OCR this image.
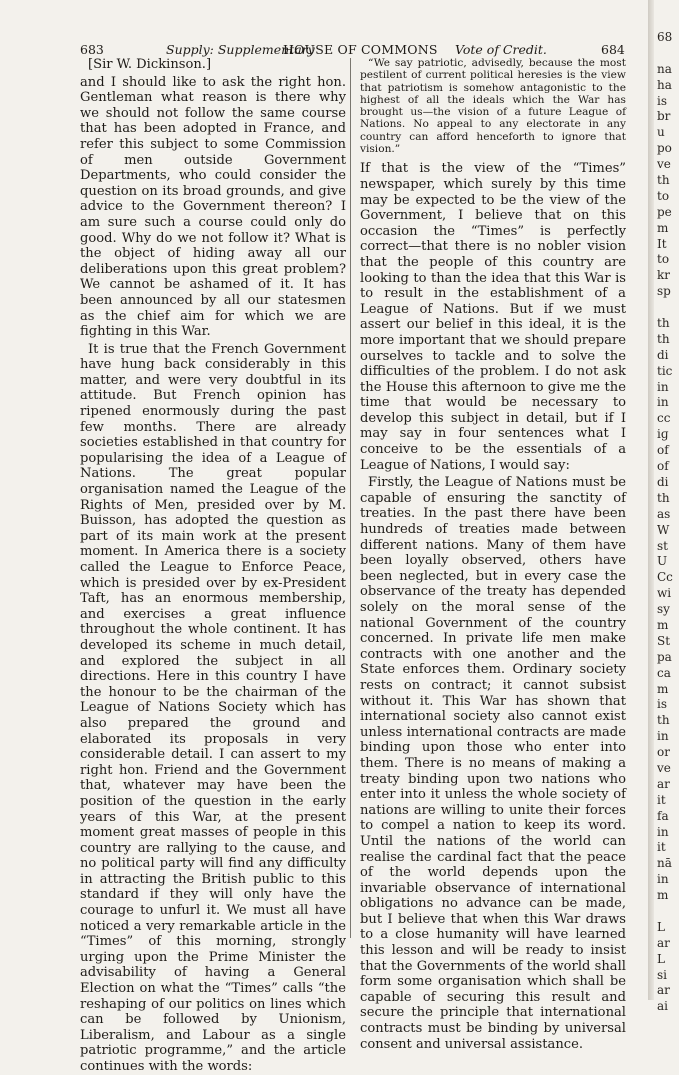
683	Supply: Supplementary
HOUSE OF COMMONS Vote of Credit.	684

[Sir W. Dickinson.]

and I should like to ask the right hon. Gentleman what reason is there why we should not follow the same course that has been adopted in France, and refer this subject to some Commission of men outside Government Departments, who could consider the question on its broad grounds, and give advice to the Government thereon? I am sure such a course could only do good. Why do we not follow it? What is the object of hiding away all our deliberations upon this great problem? We cannot be ashamed of it. It has been announced by all our statesmen as the chief aim for which we are fighting in this War.

It is true that the French Government have hung back considerably in this matter, and were very doubtful in its attitude. But French opinion has ripened enormously during the past few months. There are already societies established in that country for popularising the idea of a League of Nations. The great popular organisation named the League of the Rights of Men, presided over by M. Buisson, has adopted the question as part of its main work at the present moment. In America there is a society called the League to Enforce Peace, which is presided over by ex-President Taft, has an enormous membership, and exercises a great influence throughout the whole continent. It has developed its scheme in much detail, and explored the subject in all directions. Here in this country I have the honour to be the chairman of the League of Nations Society which has also prepared the ground and elaborated its proposals in very considerable detail. I can assert to my right hon. Friend and the Government that, whatever may have been the position of the question in the early years of this War, at the present moment great masses of people in this country are rallying to the cause, and no political party will find any difficulty in attracting the British public to this standard if they will only have the courage to unfurl it. We must all have noticed a very remarkable article in the “Times” of this morning, strongly urging upon the Prime Minister the advisability of having a General Election on what the “Times” calls “the reshaping of our politics on lines which can be followed by Unionism, Liberalism, and Labour as a single patriotic programme,” and the article continues with the words:

“We say patriotic, advisedly, because the most pestilent of current political heresies is the view that patriotism is somehow antagonistic to the highest of all the ideals which the War has brought us—the vision of a future League of Nations. No appeal to any electorate in any country can afford henceforth to ignore that vision.”

If that is the view of the “Times” newspaper, which surely by this time may be expected to be the view of the Government, I believe that on this occasion the “Times” is perfectly correct—that there is no nobler vision that the people of this country are looking to than the idea that this War is to result in the establishment of a League of Nations. But if we must assert our belief in this ideal, it is the more important that we should prepare ourselves to tackle and to solve the difficulties of the problem. I do not ask the House this afternoon to give me the time that would be necessary to develop this subject in detail, but if I may say in four sentences what I conceive to be the essentials of a League of Nations, I would say:

Firstly, the League of Nations must be capable of ensuring the sanctity of treaties. In the past there have been hundreds of treaties made between different nations. Many of them have been loyally observed, others have been neglected, but in every case the observance of the treaty has depended solely on the moral sense of the national Government of the country concerned. In private life men make contracts with one another and the State enforces them. Ordinary society rests on contract; it cannot subsist without it. This War has shown that international society also cannot exist unless international contracts are made binding upon those who enter into them. There is no means of making a treaty binding upon two nations who enter into it unless the whole society of nations are willing to unite their forces to compel a nation to keep its word. Until the nations of the world can realise the cardinal fact that the peace of the world depends upon the invariable observance of international obligations no advance can be made, but I believe that when this War draws to a close humanity will have learned this lesson and will be ready to insist that the Governments of the world shall form some organisation which shall be capable of securing this result and secure the principle that international contracts must be binding by universal consent and universal assistance.

68
na
ha
is
br
u
po
ve
th
to
pe
m
It
to
kr
sp
th
th
di
tic
in
in
cc
iɡ
of
of
di
th
as
W
st
U
Cc
wi
sy
m
St
pa
ca
m
is
th
in
or
ve
ar
it
fa
in
it
nā
in
m
L
ar
L
si
ar
ai
